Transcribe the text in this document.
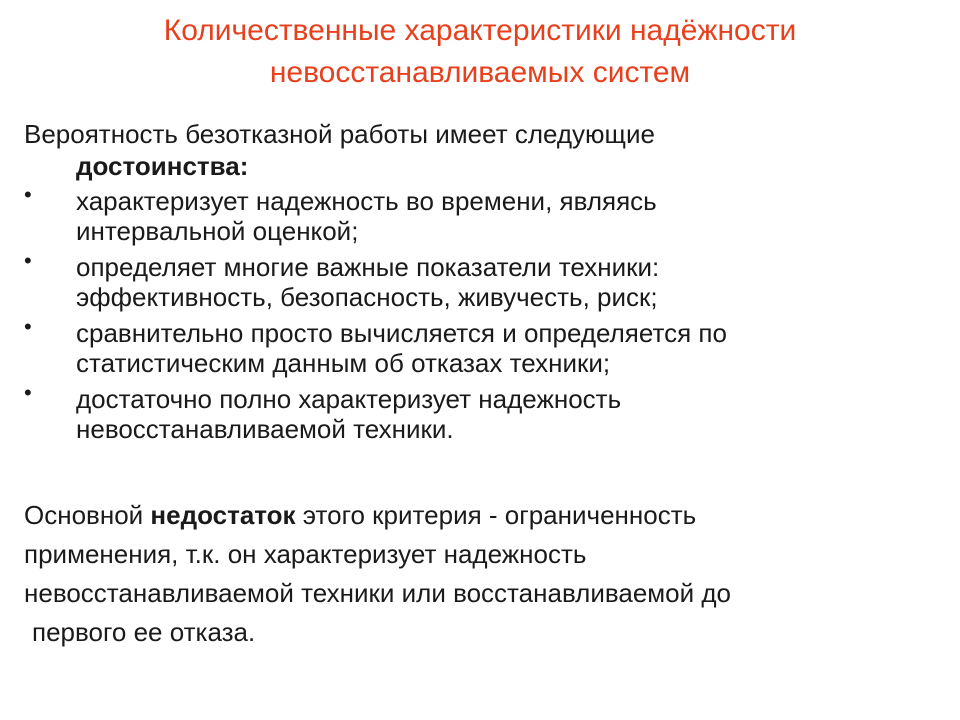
Количественные характеристики надёжности
невосстанавливаемых систем
Вероятность безотказной работы имеет следующие
достоинства:
• характеризует надежность во времени, являясь
интервальной оценкой;
• определяет многие важные показатели техники:
эффективность, безопасность, живучесть, риск;
• сравнительно просто вычисляется и определяется по
статистическим данным об отказах техники;
• достаточно полно характеризует надежность
невосстанавливаемой техники.
Основной недостаток этого критерия - ограниченность
применения, т.к. он характеризует надежность
невосстанавливаемой техники или восстанавливаемой до
первого ее отказа.
